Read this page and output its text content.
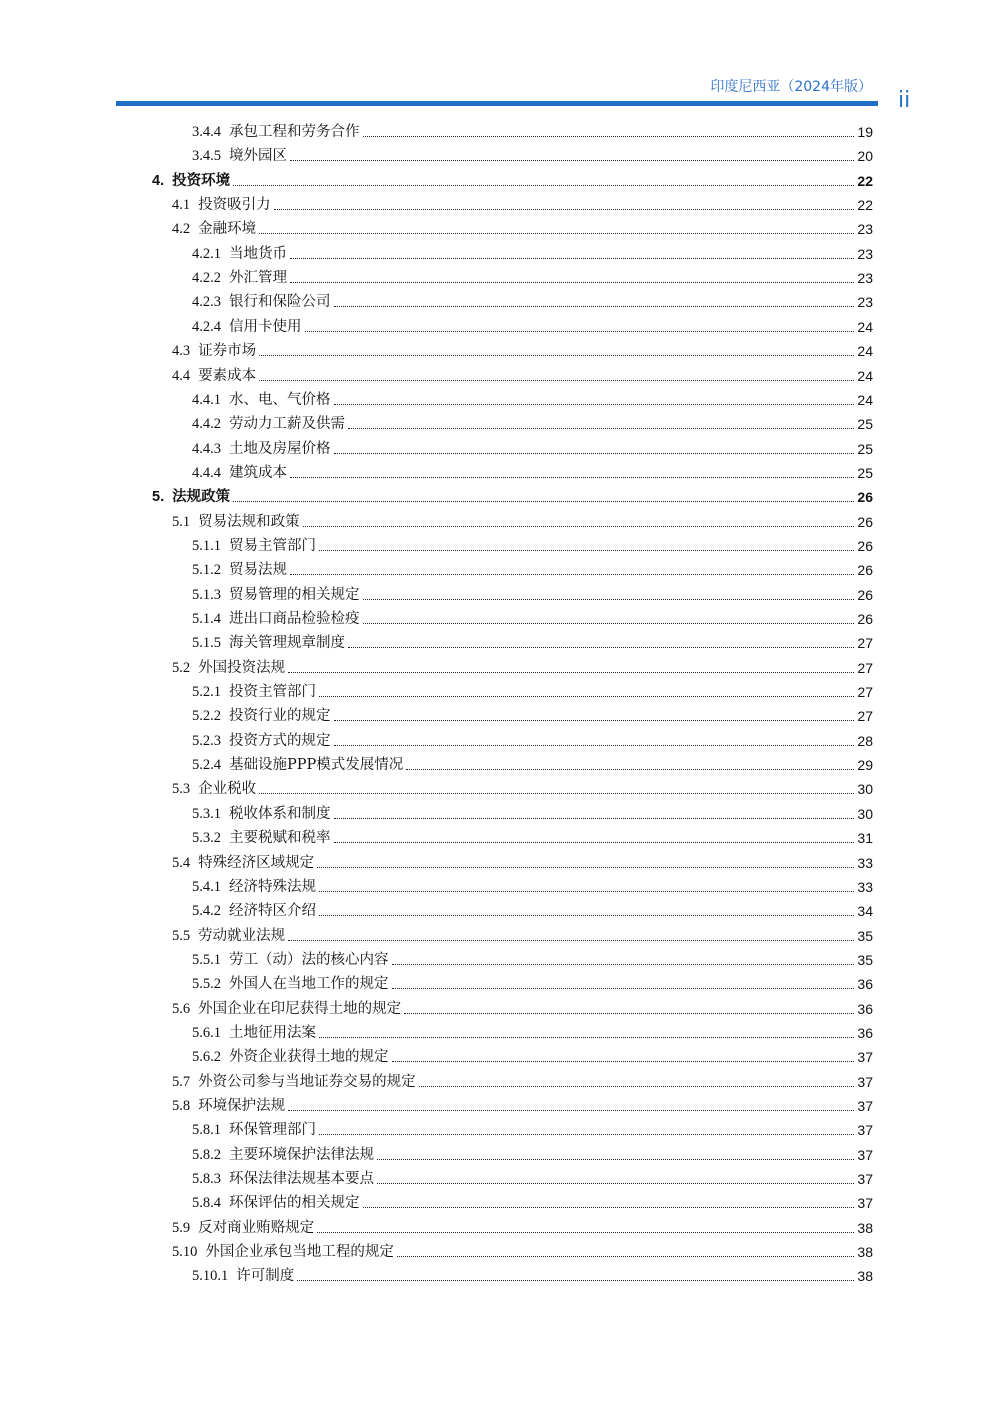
印度尼西亚（2024年版）
ii
3.4.4 承包工程和劳务合作	19
3.4.5 境外园区	20
4. 投资环境	22
4.1 投资吸引力	22
4.2 金融环境	23
4.2.1 当地货币	23
4.2.2 外汇管理	23
4.2.3 银行和保险公司	23
4.2.4 信用卡使用	24
4.3 证券市场	24
4.4 要素成本	24
4.4.1 水、电、气价格	24
4.4.2 劳动力工薪及供需	25
4.4.3 土地及房屋价格	25
4.4.4 建筑成本	25
5. 法规政策	26
5.1 贸易法规和政策	26
5.1.1 贸易主管部门	26
5.1.2 贸易法规	26
5.1.3 贸易管理的相关规定	26
5.1.4 进出口商品检验检疫	26
5.1.5 海关管理规章制度	27
5.2 外国投资法规	27
5.2.1 投资主管部门	27
5.2.2 投资行业的规定	27
5.2.3 投资方式的规定	28
5.2.4 基础设施PPP模式发展情况	29
5.3 企业税收	30
5.3.1 税收体系和制度	30
5.3.2 主要税赋和税率	31
5.4 特殊经济区域规定	33
5.4.1 经济特殊法规	33
5.4.2 经济特区介绍	34
5.5 劳动就业法规	35
5.5.1 劳工（动）法的核心内容	35
5.5.2 外国人在当地工作的规定	36
5.6 外国企业在印尼获得土地的规定	36
5.6.1 土地征用法案	36
5.6.2 外资企业获得土地的规定	37
5.7 外资公司参与当地证券交易的规定	37
5.8 环境保护法规	37
5.8.1 环保管理部门	37
5.8.2 主要环境保护法律法规	37
5.8.3 环保法律法规基本要点	37
5.8.4 环保评估的相关规定	37
5.9 反对商业贿赂规定	38
5.10 外国企业承包当地工程的规定	38
5.10.1 许可制度	38
